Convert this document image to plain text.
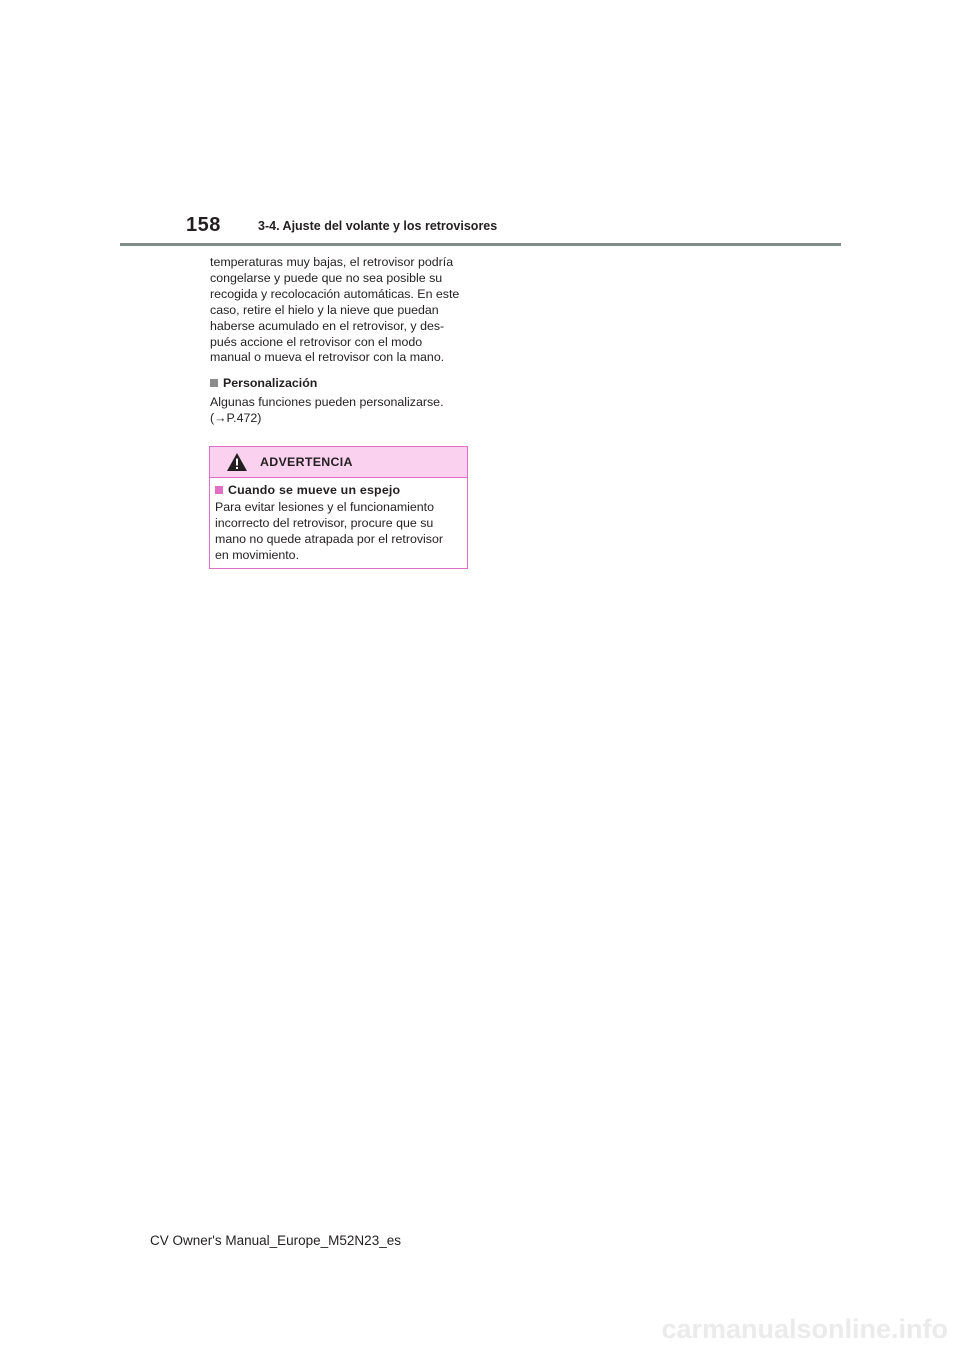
158	3-4. Ajuste del volante y los retrovisores

temperaturas muy bajas, el retrovisor podría

congelarse y puede que no sea posible su

recogida y recolocación automáticas. En este

caso, retire el hielo y la nieve que puedan

haberse acumulado en el retrovisor, y des-

pués accione el retrovisor con el modo

manual o mueva el retrovisor con la mano.

Personalización

Algunas funciones pueden personalizarse.

(→P.472)

ADVERTENCIA
Cuando se mueve un espejo

Para evitar lesiones y el funcionamiento

incorrecto del retrovisor, procure que su

mano no quede atrapada por el retrovisor

en movimiento.

CV Owner's Manual_Europe_M52N23_es
carmanualsonline.info
